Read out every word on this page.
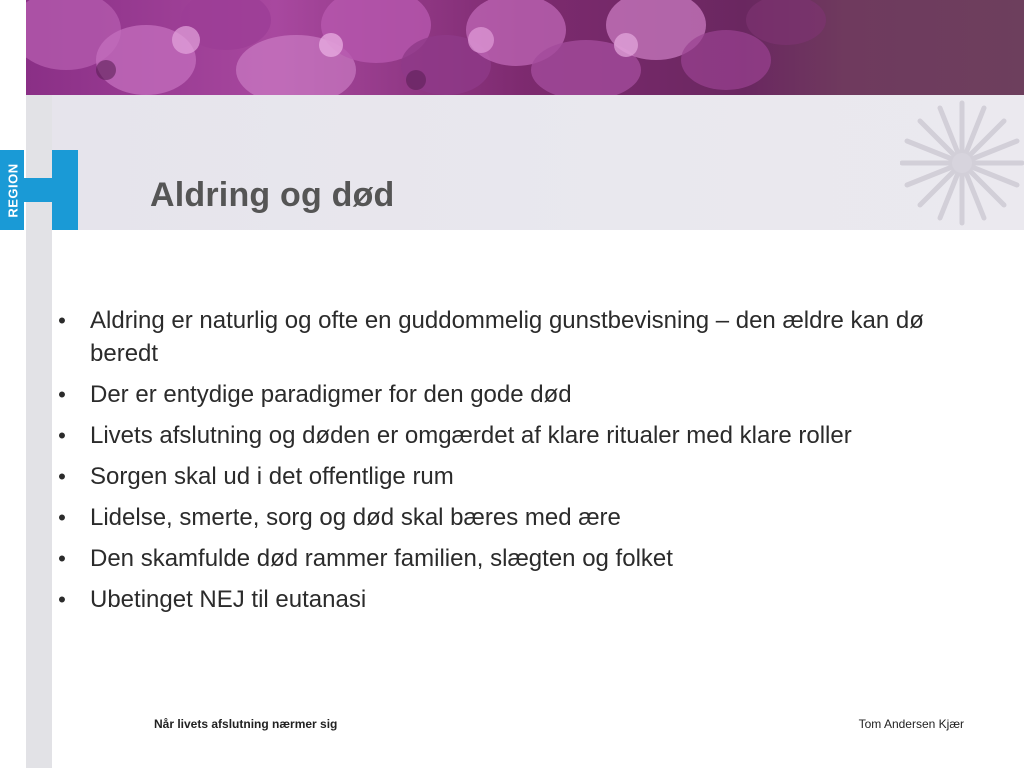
REGION	Aldring og død
• Aldring er naturlig og ofte en guddommelig gunstbevisning – den ældre kan dø beredt
• Der er entydige paradigmer for den gode død
• Livets afslutning og døden er omgærdet af klare ritualer med klare roller
• Sorgen skal ud i det offentlige rum
• Lidelse, smerte, sorg og død skal bæres med ære
• Den skamfulde død rammer familien, slægten og folket
• Ubetinget NEJ til eutanasi
Når livets afslutning nærmer sig	Tom Andersen Kjær
